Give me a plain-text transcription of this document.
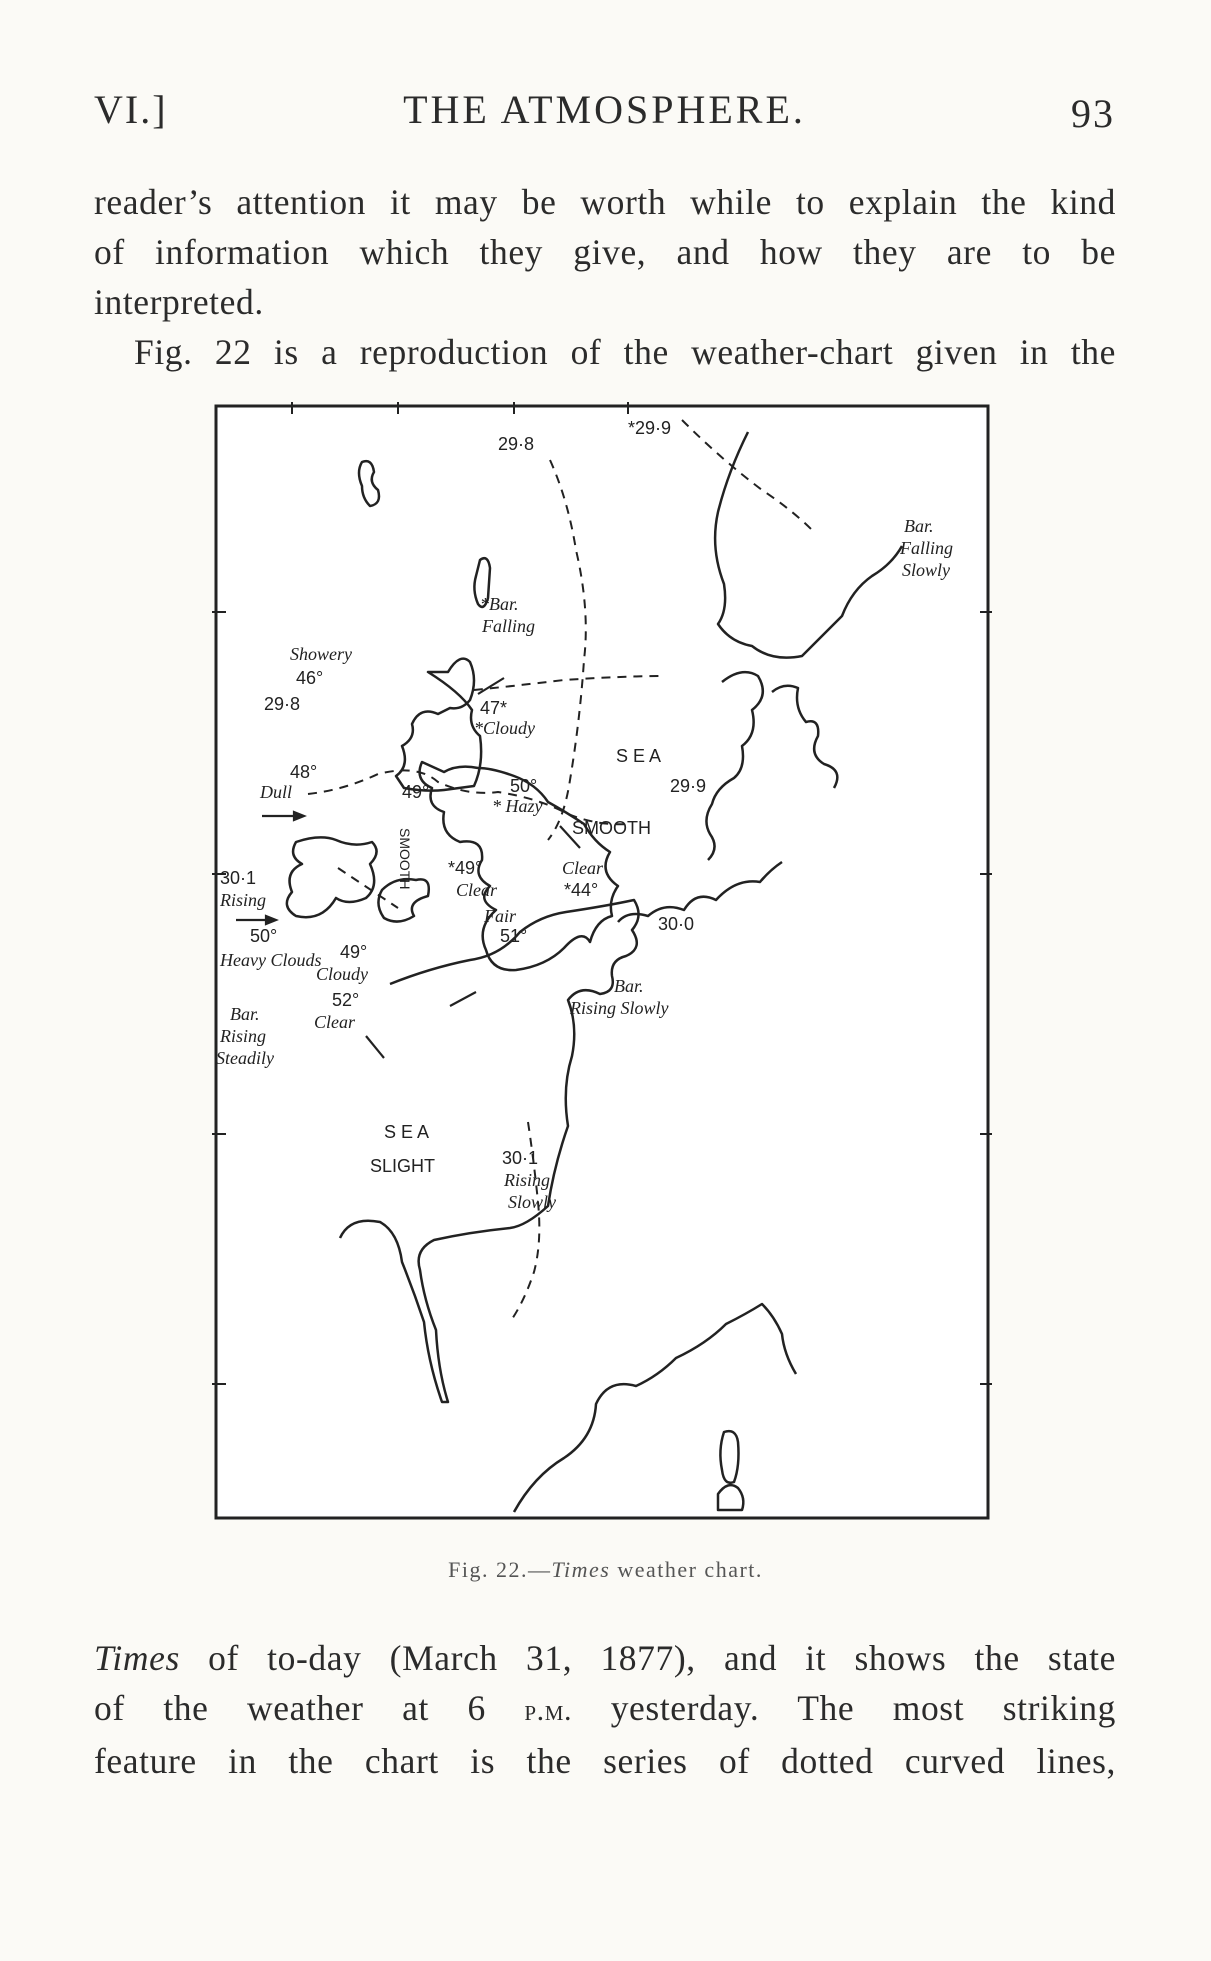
VI.]	THE ATMOSPHERE.	93
reader’s attention it may be worth while to explain the kind
of information which they give, and how they are to be
interpreted.
Fig. 22 is a reproduction of the weather-chart given in the
29·8
*29·9
Bar.
Falling
Slowly
*Bar.
Falling
Showery
46°
29·8	47*
*Cloudy
S E A
48°
Dull	49°	50°
* Hazy
29·9
SMOOTH
30·1
Rising
*49°
Clear
Clear
*44°
50°
Heavy Clouds
Fair
51°
30·0
49°
Cloudy
52°
Clear
Bar.
Rising Slowly
Bar.
Rising
Steadily
SMOOTH
S E A
SLIGHT	30·1
Rising
Slowly
Fig. 22.—Times weather chart.
Times of to-day (March 31, 1877), and it shows the state
of the weather at 6 p.m. yesterday. The most striking
feature in the chart is the series of dotted curved lines,
